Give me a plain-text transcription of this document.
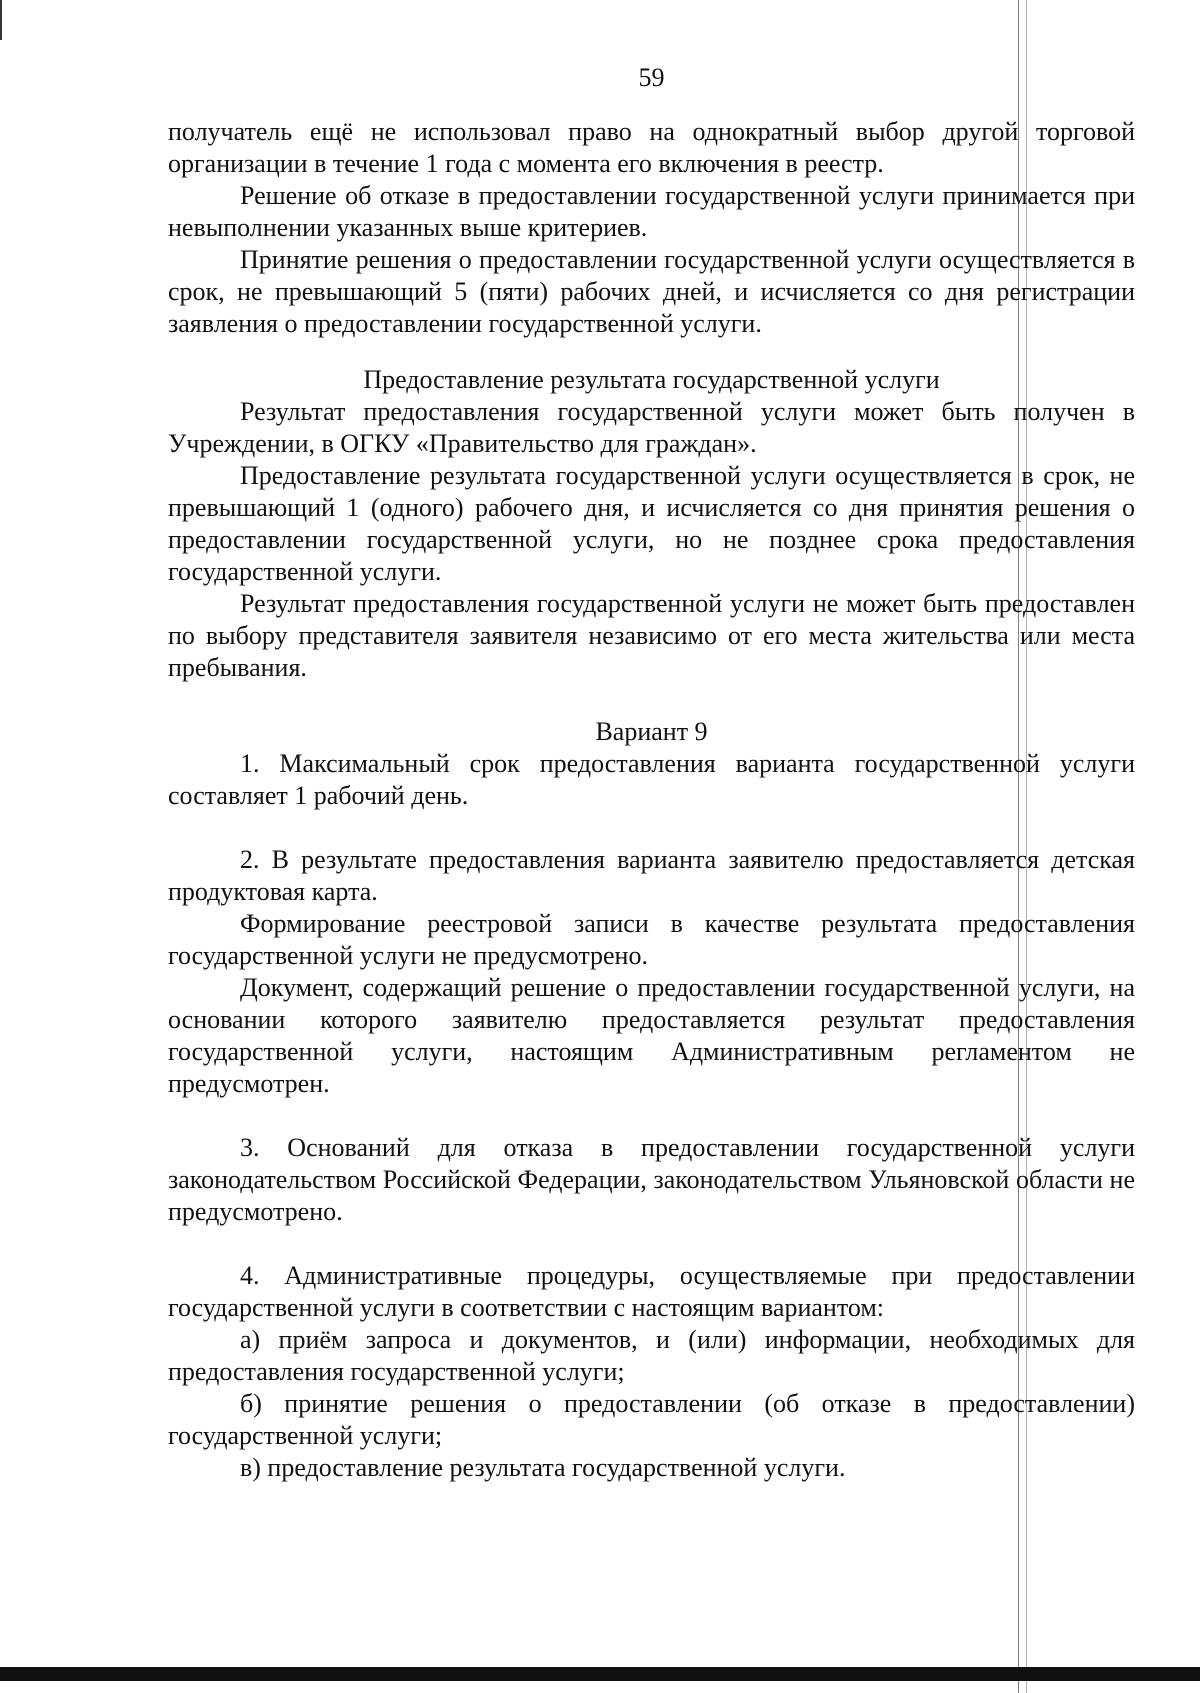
59

получатель ещё не использовал право на однократный выбор другой торговой организации в течение 1 года с момента его включения в реестр.

Решение об отказе в предоставлении государственной услуги принимается при невыполнении указанных выше критериев.

Принятие решения о предоставлении государственной услуги осуществляется в срок, не превышающий 5 (пяти) рабочих дней, и исчисляется со дня регистрации заявления о предоставлении государственной услуги.

Предоставление результата государственной услуги

Результат предоставления государственной услуги может быть получен в Учреждении, в ОГКУ «Правительство для граждан».

Предоставление результата государственной услуги осуществляется в срок, не превышающий 1 (одного) рабочего дня, и исчисляется со дня принятия решения о предоставлении государственной услуги, но не позднее срока предоставления государственной услуги.

Результат предоставления государственной услуги не может быть предоставлен по выбору представителя заявителя независимо от его места жительства или места пребывания.

Вариант 9

1. Максимальный срок предоставления варианта государственной услуги составляет 1 рабочий день.

2. В результате предоставления варианта заявителю предоставляется детская продуктовая карта.

Формирование реестровой записи в качестве результата предоставления государственной услуги не предусмотрено.

Документ, содержащий решение о предоставлении государственной услуги, на основании которого заявителю предоставляется результат предоставления государственной услуги, настоящим Административным регламентом не предусмотрен.

3. Оснований для отказа в предоставлении государственной услуги законодательством Российской Федерации, законодательством Ульяновской области не предусмотрено.

4. Административные процедуры, осуществляемые при предоставлении государственной услуги в соответствии с настоящим вариантом:

а) приём запроса и документов, и (или) информации, необходимых для предоставления государственной услуги;

б) принятие решения о предоставлении (об отказе в предоставлении) государственной услуги;

в) предоставление результата государственной услуги.
